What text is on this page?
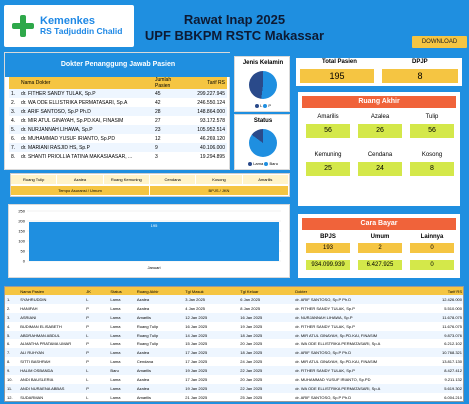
Kemenkes
RS Tadjuddin Chalid
Rawat Inap 2025
UPF BBKPM RSTC Makassar	DOWNLOAD
Dokter Penanggung Jawab Pasien
	Nama Dokter	Jumlah Pasien	Tarif RS
1.	dr. FITHER SANDY TULAK, Sp.P	45	299.227.945
2.	dr. WA ODE ELLISTRIKA PERMATASARI, Sp.A	42	246.550.124
3.	dr. ARIF SANTOSO, Sp.P Ph.D	28	148.864.000
4.	dr. MIR ATUL GINAYAH, Sp.PD.KAI, FINASIM	27	93.172.578
5.	dr. NURJANNAH LIHAWA, Sp.P	23	105.952.514
6.	dr. MUHAMMAD YUSUF IRIANTO, Sp.PD	12	46.269.120
7.	dr. MARIANI RASJID HS, Sp.P	9	40.106.000
8.	dr. SHANTI PRIOLLIA TATINA MAKASIAASAR, ...	3	19.294.895
Jenis Kelamin
L P
Status
Lama Baru
Total Pasien
195
DPJP
8
Ruang Akhir
Amarilis
56
Azalea
26
Tulip
56
Kemuning
25
Cendana
24
Kosong
8
Cara Bayar
BPJS
193
934.099.939
Umum
2
6.427.925
Lainnya
0
0
Ruang Tulip	Azalea	Ruang Kemuning	Cendana	Kosong	Amarilis
Tempo Asuransi / Umum	BPJS / JKN
250
200
150
100
50
0
195
Januari
	Nama Pasien	JK	Status	Ruang Akhir	Tgl Masuk	Tgl Keluar	Dokter	Tarif RS
1.	SYAHRUDDIN	L	Lama	Azalea	3 Jan 2025	6 Jan 2025	dr. ARIF SANTOSO, Sp.P Ph.D	12.426.000
2.	HANIFAH	P	Lama	Azalea	4 Jan 2025	8 Jan 2025	dr. FITHER SANDY TULAK, Sp.P	5.510.000
3.	ASRIANI	P	Lama	Amarilis	12 Jan 2025	16 Jan 2025	dr. NURJANNAH LIHAWA, Sp.P	11.678.075
4.	BUDIMAN ELISABETH	P	Lama	Ruang Tulip	16 Jan 2025	19 Jan 2025	dr. FITHER SANDY TULAK, Sp.P	11.676.075
5.	ABDRAHMAN ABDUL	L	Lama	Ruang Tulip	14 Jan 2025	18 Jan 2025	dr. MIR ATUL GINAYAH, Sp.PD.KAI, FINASIM	9.873.076
6.	ALMATHA PRATAMA UMAR	P	Lama	Ruang Tulip	15 Jan 2025	20 Jan 2025	dr. WA ODE ELLISTRIKA PERMATASARI, Sp.A	6.212.102
7.	ALI RUHYAN	P	Lama	Azalea	17 Jan 2025	18 Jan 2025	dr. ARIF SANTOSO, Sp.P Ph.D	10.768.321
8.	SITTI BASHRAH	P	Lama	Cendana	17 Jan 2025	24 Jan 2025	dr. MIR ATUL GINAYAH, Sp.PD.KAI, FINASIM	13.817.130
9.	HALIM OSBANDA	L	Baru	Amarilis	19 Jan 2025	22 Jan 2025	dr. FITHER SANDY TULAK, Sp.P	8.427.412
10.	ANDI BAUSLERIA	L	Lama	Azalea	17 Jan 2025	20 Jan 2025	dr. MUHAMMAD YUSUF IRIANTO, Sp.PD	9.211.132
11.	ANDI NURAENA ABBAS	P	Lama	Azalea	19 Jan 2025	22 Jan 2025	dr. WA ODE ELLISTRIKA PERMATASARI, Sp.A	5.619.302
12.	SUDARMAN	L	Lama	Amarilis	21 Jan 2025	25 Jan 2025	dr. ARIF SANTOSO, Sp.P Ph.D	6.004.210
